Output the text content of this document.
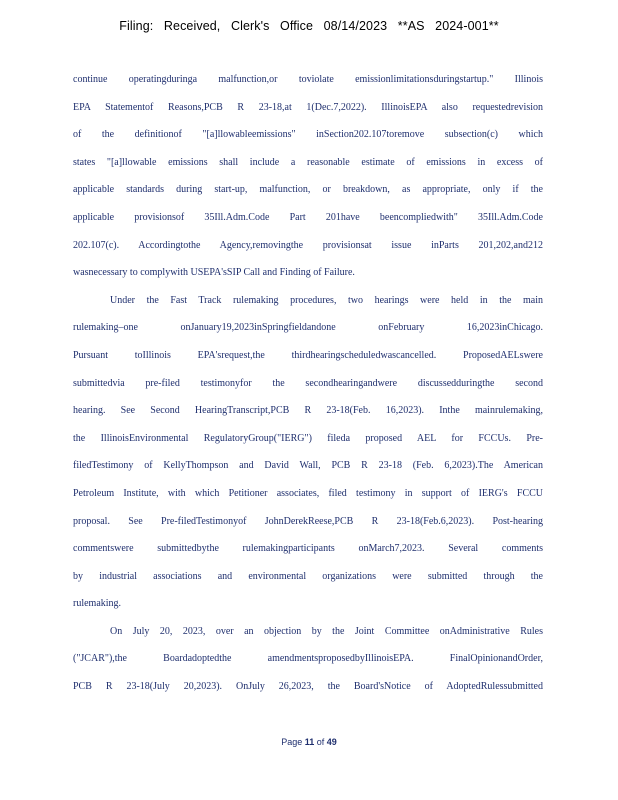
Filing: Received, Clerk's Office 08/14/2023 **AS 2024-001**
continue operatingduringa malfunction,or toviolate emissionlimitationsduringstartup." Illinois
EPA Statementof Reasons,PCB R 23-18,at 1(Dec.7,2022). IllinoisEPA also requestedrevision
of the definitionof "[a]llowableemissions" inSection202.107toremove subsection(c) which
states "[a]llowable emissions shall include a reasonable estimate of emissions in excess of
applicable standards during start-up, malfunction, or breakdown, as appropriate, only if the
applicable provisionsof 35Ill.Adm.Code Part 201have beencompliedwith" 35Ill.Adm.Code
202.107(c). Accordingtothe Agency,removingthe provisionsat issue inParts 201,202,and212
wasnecessary to complywith USEPA'sSIP Call and Finding of Failure.
Under the Fast Track rulemaking procedures, two hearings were held in the main
rulemaking–one onJanuary19,2023inSpringfieldandone onFebruary 16,2023inChicago.
Pursuant toIllinois EPA'srequest,the thirdhearingscheduledwascancelled. ProposedAELswere
submittedvia pre-filed testimonyfor the secondhearingandwere discussedduringthe second
hearing. See Second HearingTranscript,PCB R 23-18(Feb. 16,2023). Inthe mainrulemaking,
the IllinoisEnvironmental RegulatoryGroup("IERG") fileda proposed AEL for FCCUs. Pre-
filedTestimony of KellyThompson and David Wall, PCB R 23-18 (Feb. 6,2023).The American
Petroleum Institute, with which Petitioner associates, filed testimony in support of IERG's FCCU
proposal. See Pre-filedTestimonyof JohnDerekReese,PCB R 23-18(Feb.6,2023). Post-hearing
commentswere submittedbythe rulemakingparticipants onMarch7,2023. Several comments
by industrial associations and environmental organizations were submitted through the
rulemaking.
On July 20, 2023, over an objection by the Joint Committee onAdministrative Rules
("JCAR"),the Boardadoptedthe amendmentsproposedbyIllinoisEPA. FinalOpinionandOrder,
PCB R 23-18(July 20,2023). OnJuly 26,2023, the Board'sNotice of AdoptedRulessubmitted
Page 11 of 49
